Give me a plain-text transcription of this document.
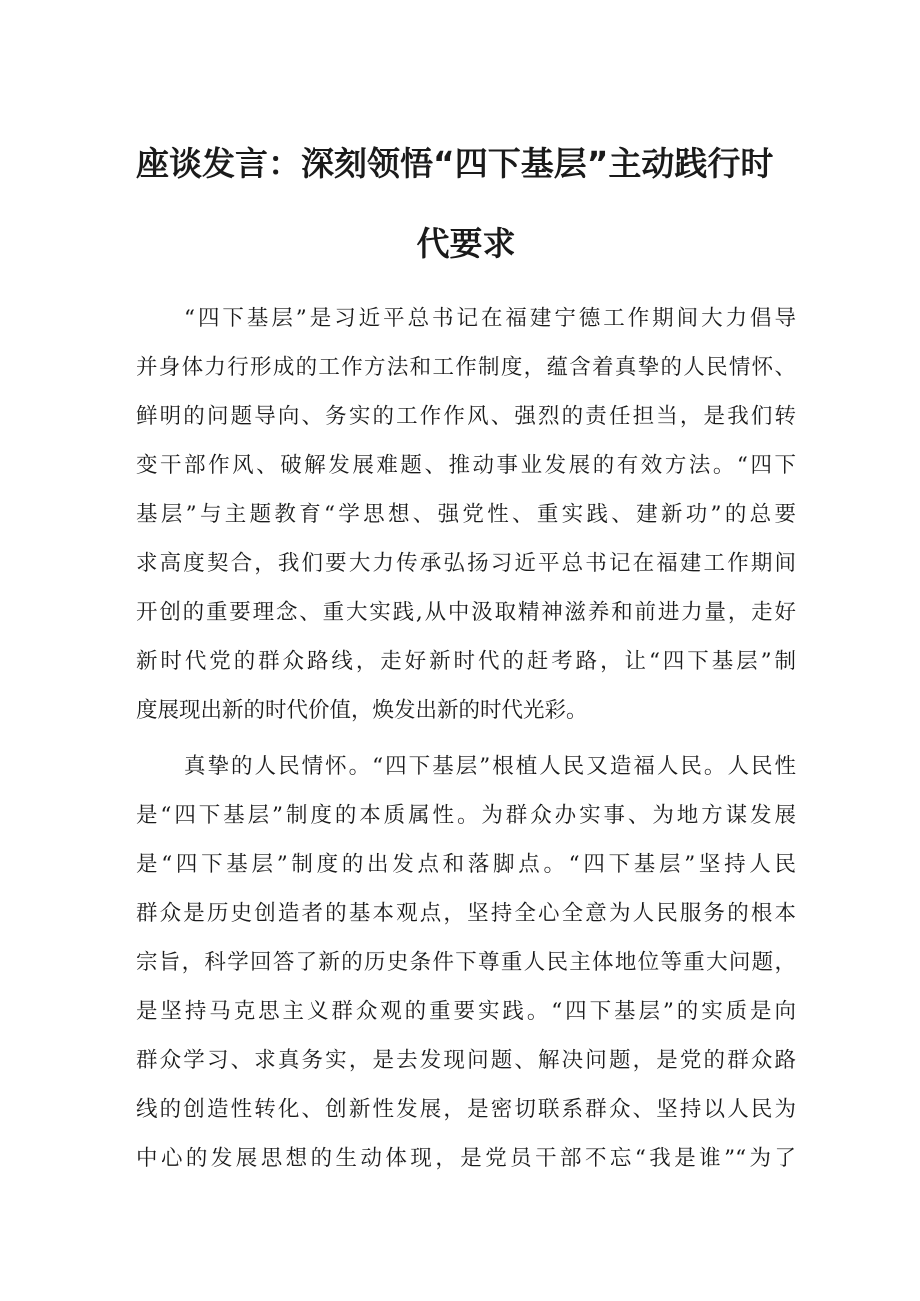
座谈发言：深刻领悟“四下基层”主动践行时
代要求
“四下基层”是习近平总书记在福建宁德工作期间大力倡导
并身体力行形成的工作方法和工作制度，蕴含着真挚的人民情怀、
鲜明的问题导向、务实的工作作风、强烈的责任担当，是我们转
变干部作风、破解发展难题、推动事业发展的有效方法。“四下
基层”与主题教育“学思想、强党性、重实践、建新功”的总要
求高度契合，我们要大力传承弘扬习近平总书记在福建工作期间
开创的重要理念、重大实践,从中汲取精神滋养和前进力量，走好
新时代党的群众路线，走好新时代的赶考路，让“四下基层”制
度展现出新的时代价值，焕发出新的时代光彩。
真挚的人民情怀。“四下基层”根植人民又造福人民。人民性
是“四下基层”制度的本质属性。为群众办实事、为地方谋发展
是“四下基层”制度的出发点和落脚点。“四下基层”坚持人民
群众是历史创造者的基本观点，坚持全心全意为人民服务的根本
宗旨，科学回答了新的历史条件下尊重人民主体地位等重大问题，
是坚持马克思主义群众观的重要实践。“四下基层”的实质是向
群众学习、求真务实，是去发现问题、解决问题，是党的群众路
线的创造性转化、创新性发展，是密切联系群众、坚持以人民为
中心的发展思想的生动体现，是党员干部不忘“我是谁”“为了
